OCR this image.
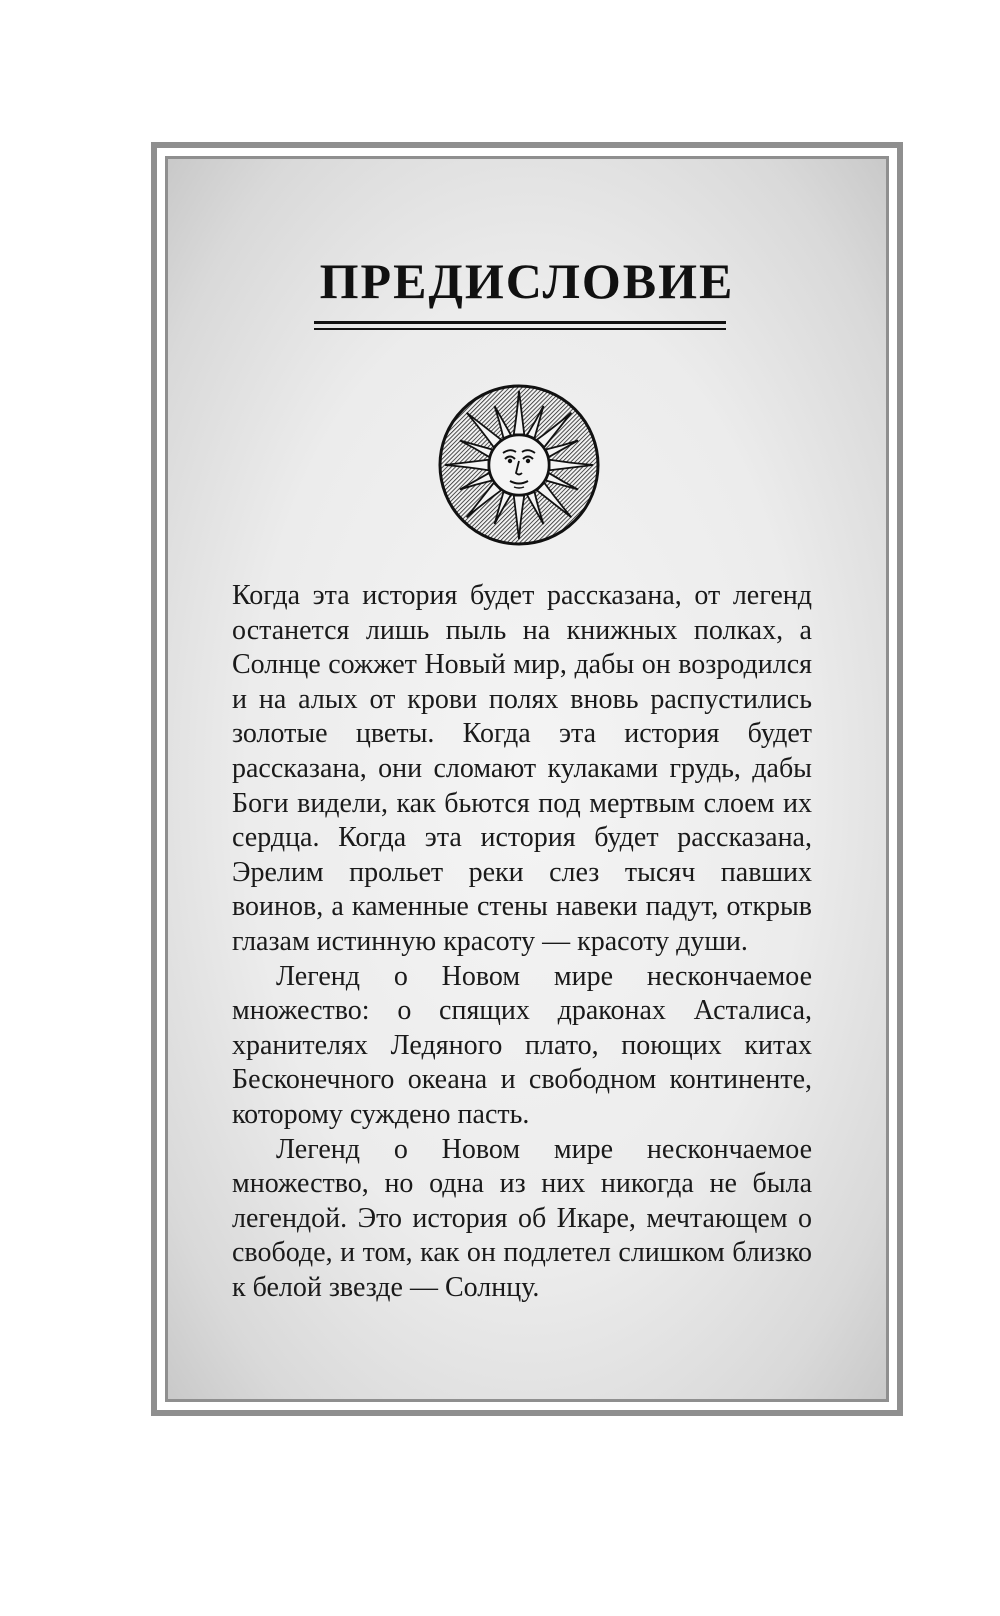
ПРЕДИСЛОВИЕ

Когда эта история будет рассказана, от легенд останется лишь пыль на книжных полках, а Солнце сожжет Новый мир, дабы он возродился и на алых от крови полях вновь распустились золотые цветы. Когда эта история будет рассказана, они сломают кулаками грудь, дабы Боги видели, как бьются под мертвым слоем их сердца. Когда эта история будет рассказана, Эрелим прольет реки слез тысяч павших воинов, а каменные стены навеки падут, открыв глазам истинную красоту — красоту души.

Легенд о Новом мире нескончаемое множество: о спящих драконах Асталиса, хранителях Ледяного плато, поющих китах Бесконечного океана и свободном континенте, которому суждено пасть.

Легенд о Новом мире нескончаемое множество, но одна из них никогда не была легендой. Это история об Икаре, мечтающем о свободе, и том, как он подлетел слишком близко к белой звезде — Солнцу.
